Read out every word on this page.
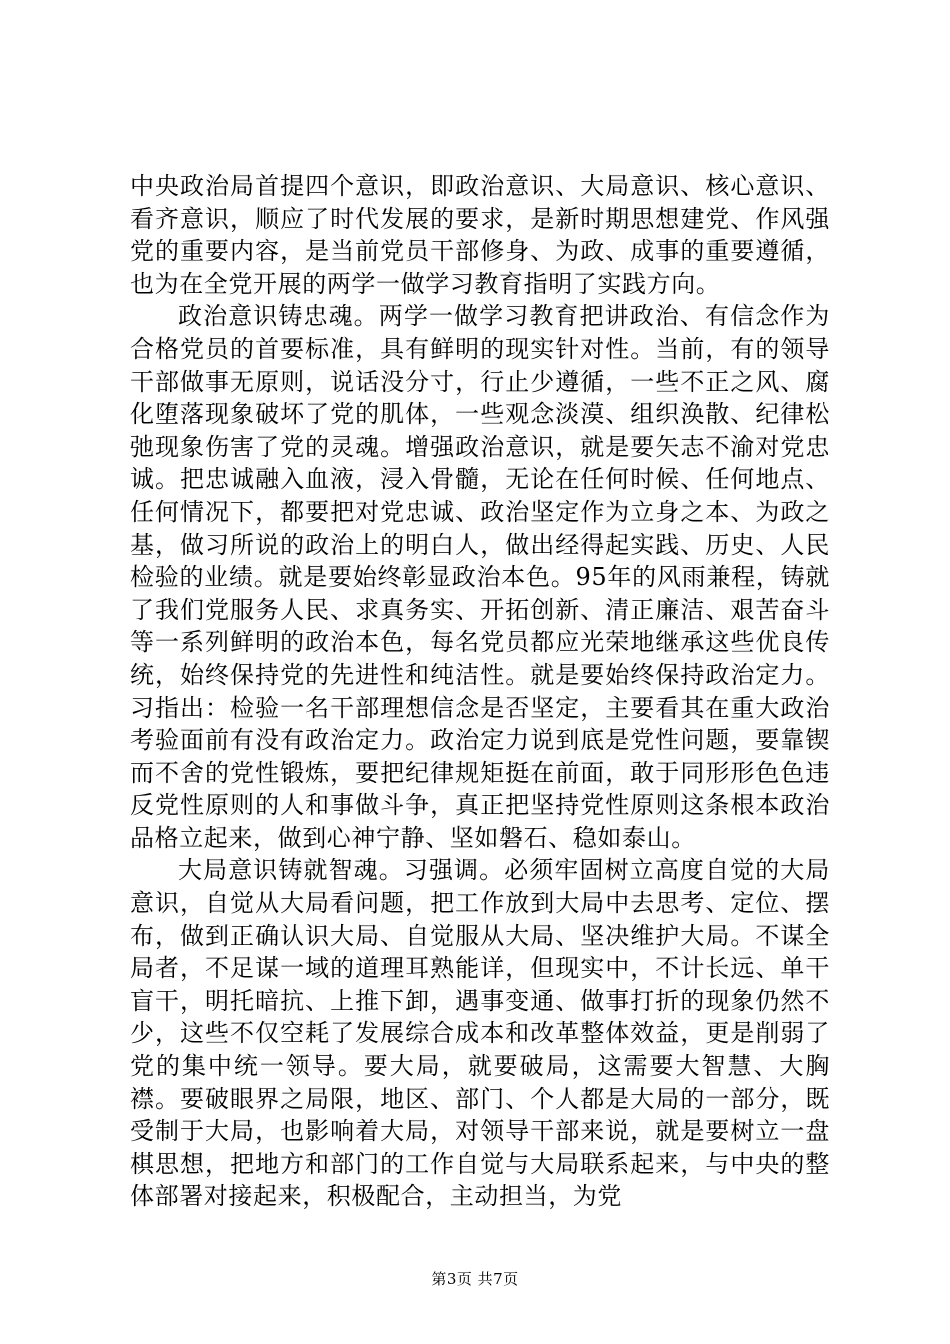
中央政治局首提四个意识，即政治意识、大局意识、核心意识、看齐意识，顺应了时代发展的要求，是新时期思想建党、作风强党的重要内容，是当前党员干部修身、为政、成事的重要遵循，也为在全党开展的两学一做学习教育指明了实践方向。

政治意识铸忠魂。两学一做学习教育把讲政治、有信念作为合格党员的首要标准，具有鲜明的现实针对性。当前，有的领导干部做事无原则，说话没分寸，行止少遵循，一些不正之风、腐化堕落现象破坏了党的肌体，一些观念淡漠、组织涣散、纪律松弛现象伤害了党的灵魂。增强政治意识，就是要矢志不渝对党忠诚。把忠诚融入血液，浸入骨髓，无论在任何时候、任何地点、任何情况下，都要把对党忠诚、政治坚定作为立身之本、为政之基，做习所说的政治上的明白人，做出经得起实践、历史、人民检验的业绩。就是要始终彰显政治本色。95年的风雨兼程，铸就了我们党服务人民、求真务实、开拓创新、清正廉洁、艰苦奋斗等一系列鲜明的政治本色，每名党员都应光荣地继承这些优良传统，始终保持党的先进性和纯洁性。就是要始终保持政治定力。习指出：检验一名干部理想信念是否坚定，主要看其在重大政治考验面前有没有政治定力。政治定力说到底是党性问题，要靠锲而不舍的党性锻炼，要把纪律规矩挺在前面，敢于同形形色色违反党性原则的人和事做斗争，真正把坚持党性原则这条根本政治品格立起来，做到心神宁静、坚如磐石、稳如泰山。

大局意识铸就智魂。习强调。必须牢固树立高度自觉的大局意识，自觉从大局看问题，把工作放到大局中去思考、定位、摆布，做到正确认识大局、自觉服从大局、坚决维护大局。不谋全局者，不足谋一域的道理耳熟能详，但现实中，不计长远、单干盲干，明托暗抗、上推下卸，遇事变通、做事打折的现象仍然不少，这些不仅空耗了发展综合成本和改革整体效益，更是削弱了党的集中统一领导。要大局，就要破局，这需要大智慧、大胸襟。要破眼界之局限，地区、部门、个人都是大局的一部分，既受制于大局，也影响着大局，对领导干部来说，就是要树立一盘棋思想，把地方和部门的工作自觉与大局联系起来，与中央的整体部署对接起来，积极配合，主动担当，为党

第3页 共7页
